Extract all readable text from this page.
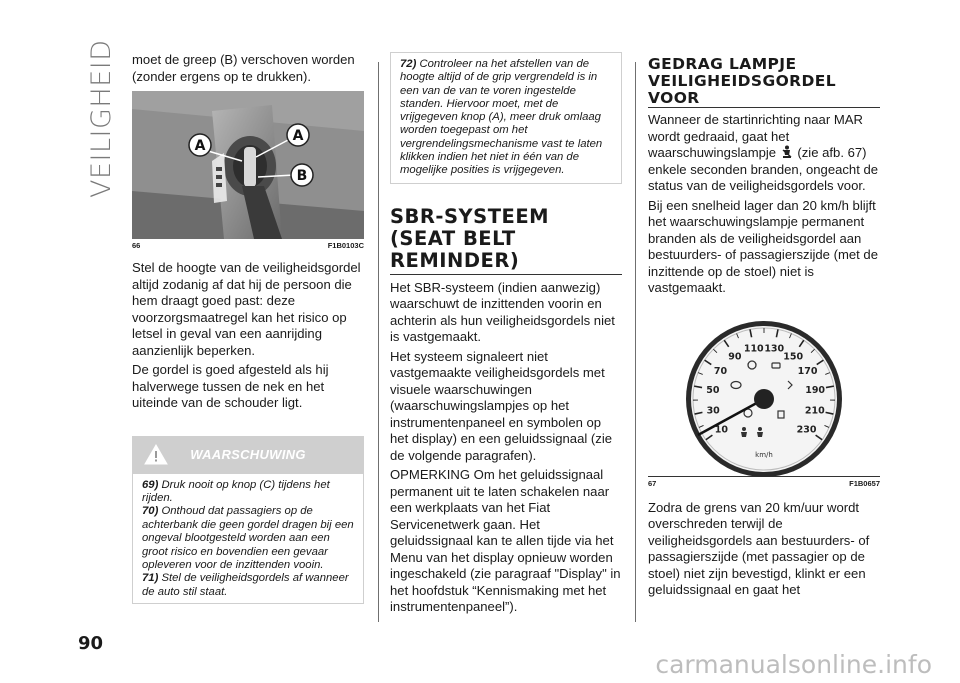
VEILIGHEID
90
carmanualsonline.info

moet de greep (B) verschoven worden (zonder ergens op te drukken).

A
A
B
66	F1B0103C

Stel de hoogte van de veiligheidsgordel altijd zodanig af dat hij de persoon die hem draagt goed past: deze voorzorgsmaatregel kan het risico op letsel in geval van een aanrijding aanzienlijk beperken.

De gordel is goed afgesteld als hij halverwege tussen de nek en het uiteinde van de schouder ligt.

WAARSCHUWING

69) Druk nooit op knop (C) tijdens het rijden.

70) Onthoud dat passagiers op de achterbank die geen gordel dragen bij een ongeval blootgesteld worden aan een groot risico en bovendien een gevaar opleveren voor de inzittenden vooin.

71) Stel de veiligheidsgordels af wanneer de auto stil staat.

72) Controleer na het afstellen van de hoogte altijd of de grip vergrendeld is in een van de van te voren ingestelde standen. Hiervoor moet, met de vrijgegeven knop (A), meer druk omlaag worden toegepast om het vergrendelingsmechanisme vast te laten klikken indien het niet in één van de mogelijke posities is vrijgegeven.

SBR-SYSTEEM
(SEAT BELT
REMINDER)

Het SBR-systeem (indien aanwezig) waarschuwt de inzittenden voorin en achterin als hun veiligheidsgordels niet is vastgemaakt.

Het systeem signaleert niet vastgemaakte veiligheidsgordels met visuele waarschuwingen (waarschuwingslampjes op het instrumentenpaneel en symbolen op het display) en een geluidssignaal (zie de volgende paragrafen).

OPMERKING Om het geluidssignaal permanent uit te laten schakelen naar een werkplaats van het Fiat Servicenetwerk gaan. Het geluidssignaal kan te allen tijde via het Menu van het display opnieuw worden ingeschakeld (zie paragraaf "Display" in het hoofdstuk “Kennismaking met het instrumentenpaneel”).

GEDRAG LAMPJE
VEILIGHEIDSGORDEL
VOOR

Wanneer de startinrichting naar MAR wordt gedraaid, gaat het waarschuwingslampje (zie afb. 67) enkele seconden branden, ongeacht de status van de veiligheidsgordels voor.

Bij een snelheid lager dan 20 km/h blijft het waarschuwingslampje permanent branden als de veiligheidsgordel aan bestuurders- of passagierszijde (met de inzittende op de stoel) niet is vastgemaakt.

10
30
50
70
90
110 130
150
170
190
210
230
km/h
67	F1B0657

Zodra de grens van 20 km/uur wordt overschreden terwijl de veiligheidsgordels aan bestuurders- of passagierszijde (met passagier op de stoel) niet zijn bevestigd, klinkt er een geluidssignaal en gaat het
